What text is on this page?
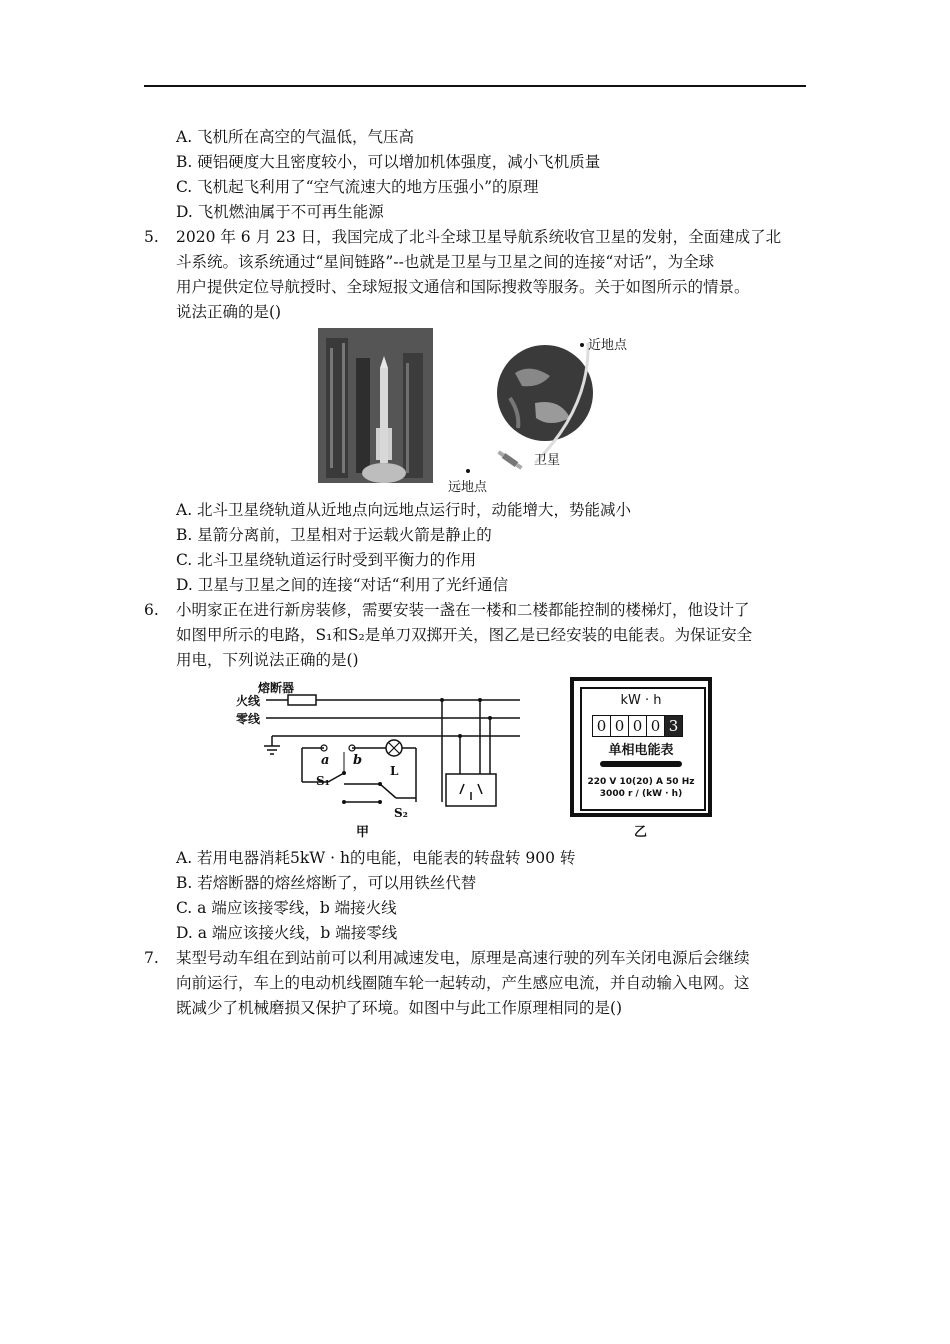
A. 飞机所在高空的气温低，气压高
B. 硬铝硬度大且密度较小，可以增加机体强度，减小飞机质量
C. 飞机起飞利用了“空气流速大的地方压强小”的原理
D. 飞机燃油属于不可再生能源
5. 2020 年 6 月 23 日，我国完成了北斗全球卫星导航系统收官卫星的发射，全面建成了北
斗系统。该系统通过“星间链路”--也就是卫星与卫星之间的连接“对话”，为全球
用户提供定位导航授时、全球短报文通信和国际搜救等服务。关于如图所示的情景。
说法正确的是()
近地点
卫星
远地点
A. 北斗卫星绕轨道从近地点向远地点运行时，动能增大，势能减小
B. 星箭分离前，卫星相对于运载火箭是静止的
C. 北斗卫星绕轨道运行时受到平衡力的作用
D. 卫星与卫星之间的连接“对话“利用了光纤通信
6. 小明家正在进行新房装修，需要安装一盏在一楼和二楼都能控制的楼梯灯，他设计了
如图甲所示的电路，S₁和S₂是单刀双掷开关，图乙是已经安装的电能表。为保证安全
用电，下列说法正确的是()
熔断器
火线
零线
a b
L
S₁
S₂
甲
kW · h
0 0 0 0 3
单相电能表
220 V 10(20) A 50 Hz
3000 r / (kW · h)
乙
A. 若用电器消耗5kW · h的电能，电能表的转盘转 900 转
B. 若熔断器的熔丝熔断了，可以用铁丝代替
C. a 端应该接零线，b 端接火线
D. a 端应该接火线，b 端接零线
7. 某型号动车组在到站前可以利用减速发电，原理是高速行驶的列车关闭电源后会继续
向前运行，车上的电动机线圈随车轮一起转动，产生感应电流，并自动输入电网。这
既减少了机械磨损又保护了环境。如图中与此工作原理相同的是()
